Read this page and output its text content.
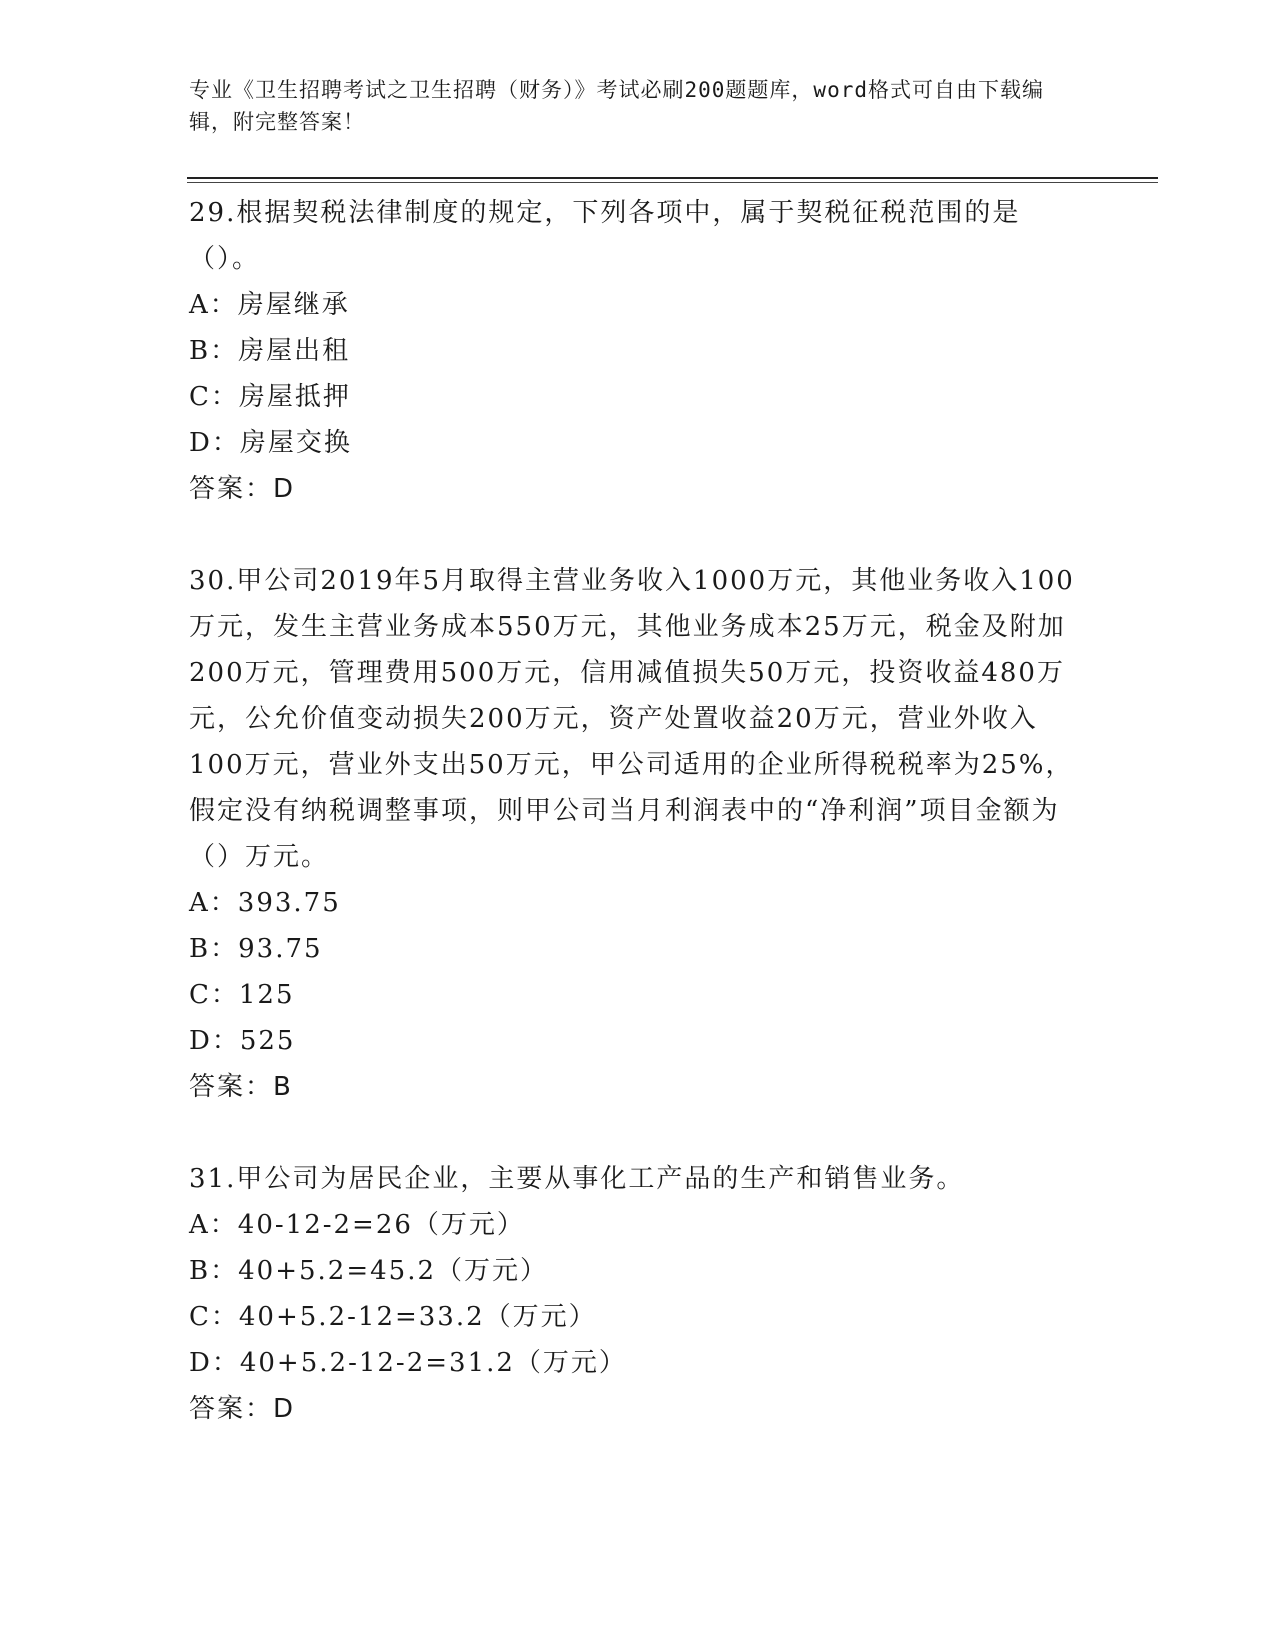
专业《卫生招聘考试之卫生招聘（财务）》考试必刷200题题库，word格式可自由下载编辑，附完整答案！

29.根据契税法律制度的规定，下列各项中，属于契税征税范围的是（）。

A：房屋继承

B：房屋出租

C：房屋抵押

D：房屋交换

答案：D

30.甲公司2019年5月取得主营业务收入1000万元，其他业务收入100万元，发生主营业务成本550万元，其他业务成本25万元，税金及附加200万元，管理费用500万元，信用减值损失50万元，投资收益480万元，公允价值变动损失200万元，资产处置收益20万元，营业外收入100万元，营业外支出50万元，甲公司适用的企业所得税税率为25%，假定没有纳税调整事项，则甲公司当月利润表中的“净利润”项目金额为（）万元。

A：393.75

B：93.75

C：125

D：525

答案：B

31.甲公司为居民企业，主要从事化工产品的生产和销售业务。

A：40-12-2=26（万元）

B：40+5.2=45.2（万元）

C：40+5.2-12=33.2（万元）

D：40+5.2-12-2=31.2（万元）

答案：D
